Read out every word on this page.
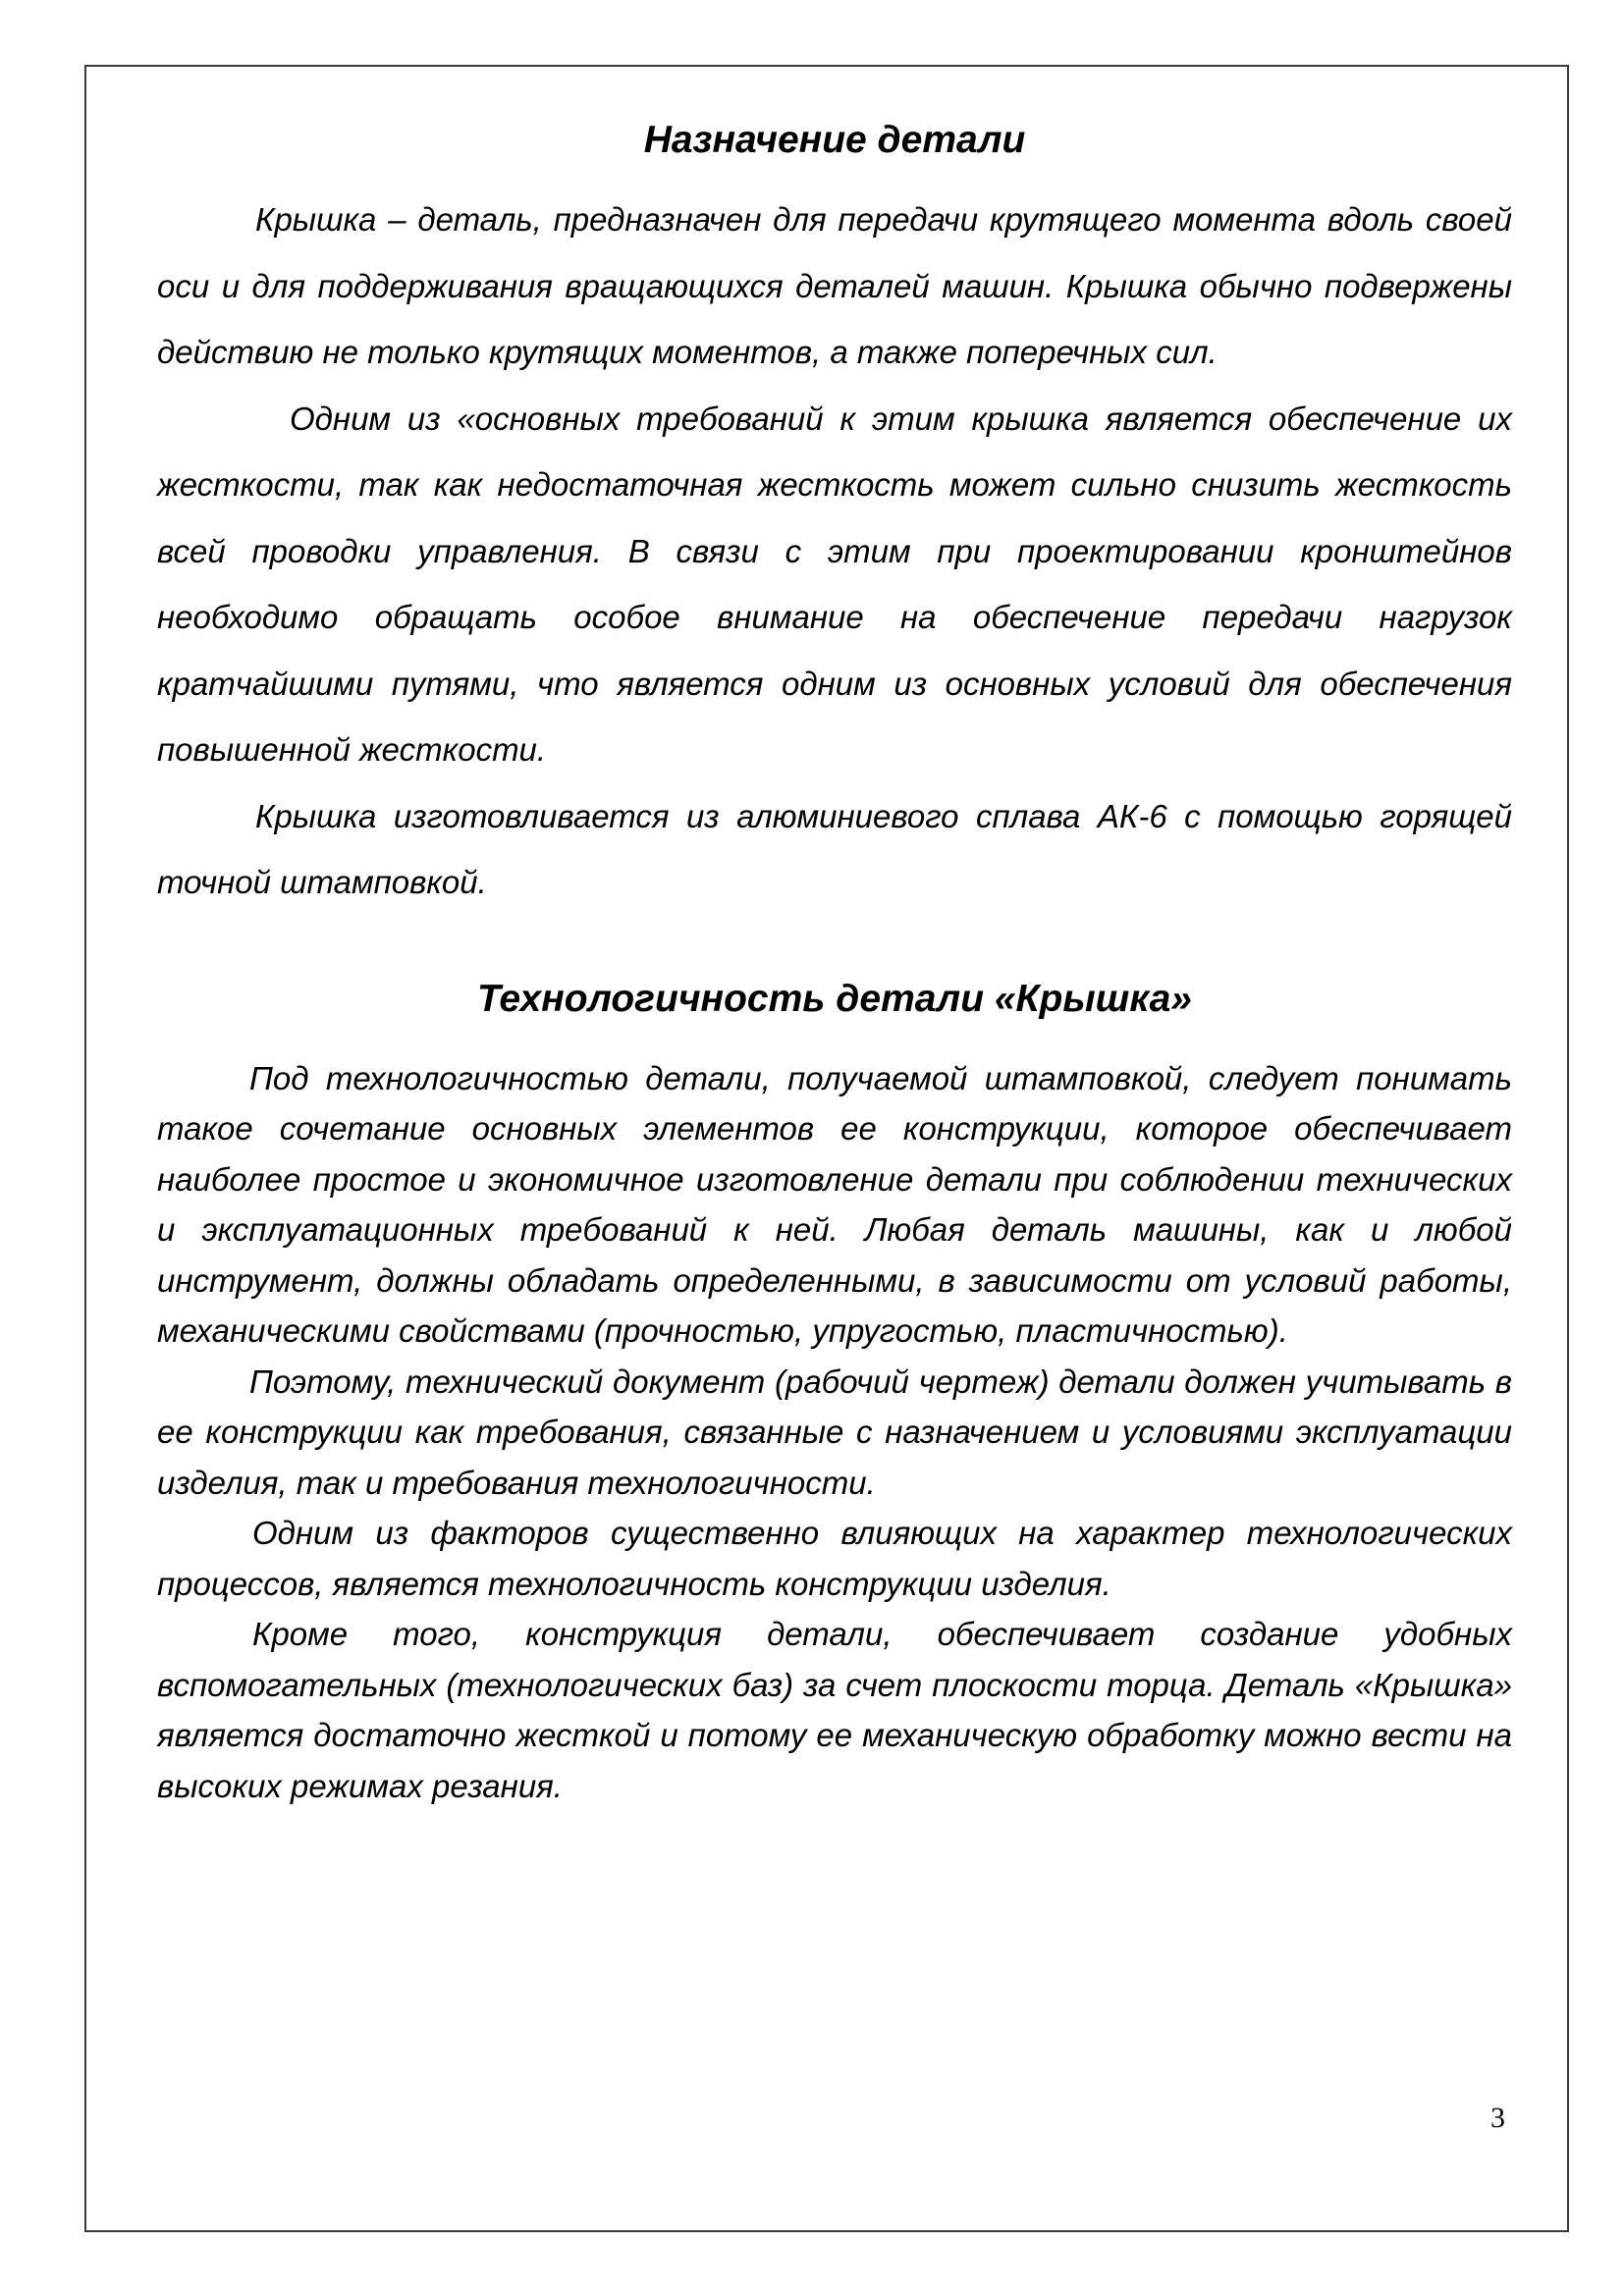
Назначение детали

Крышка – деталь, предназначен для передачи крутящего момента вдоль своей оси и для поддерживания вращающихся деталей машин. Крышка обычно подвержены действию не только крутящих моментов, а также поперечных сил.

Одним из «основных требований к этим крышка является обеспечение их жесткости, так как недостаточная жесткость может сильно снизить жесткость всей проводки управления. В связи с этим при проектировании кронштейнов необходимо обращать особое внимание на обеспечение передачи нагрузок кратчайшими путями, что является одним из основных условий для обеспечения повышенной жесткости.

Крышка изготовливается из алюминиевого сплава АК-6 с помощью горящей точной штамповкой.

Технологичность детали «Крышка»

Под технологичностью детали, получаемой штамповкой, следует понимать такое сочетание основных элементов ее конструкции, которое обеспечивает наиболее простое и экономичное изготовление детали при соблюдении технических и эксплуатационных требований к ней. Любая деталь машины, как и любой инструмент, должны обладать определенными, в зависимости от условий работы, механическими свойствами (прочностью, упругостью, пластичностью).

Поэтому, технический документ (рабочий чертеж) детали должен учитывать в ее конструкции как требования, связанные с назначением и условиями эксплуатации изделия, так и требования технологичности.

Одним из факторов существенно влияющих на характер технологических процессов, является технологичность конструкции изделия.

Кроме того, конструкция детали, обеспечивает создание удобных вспомогательных (технологических баз) за счет плоскости торца. Деталь «Крышка» является достаточно жесткой и потому ее механическую обработку можно вести на высоких режимах резания.

3
